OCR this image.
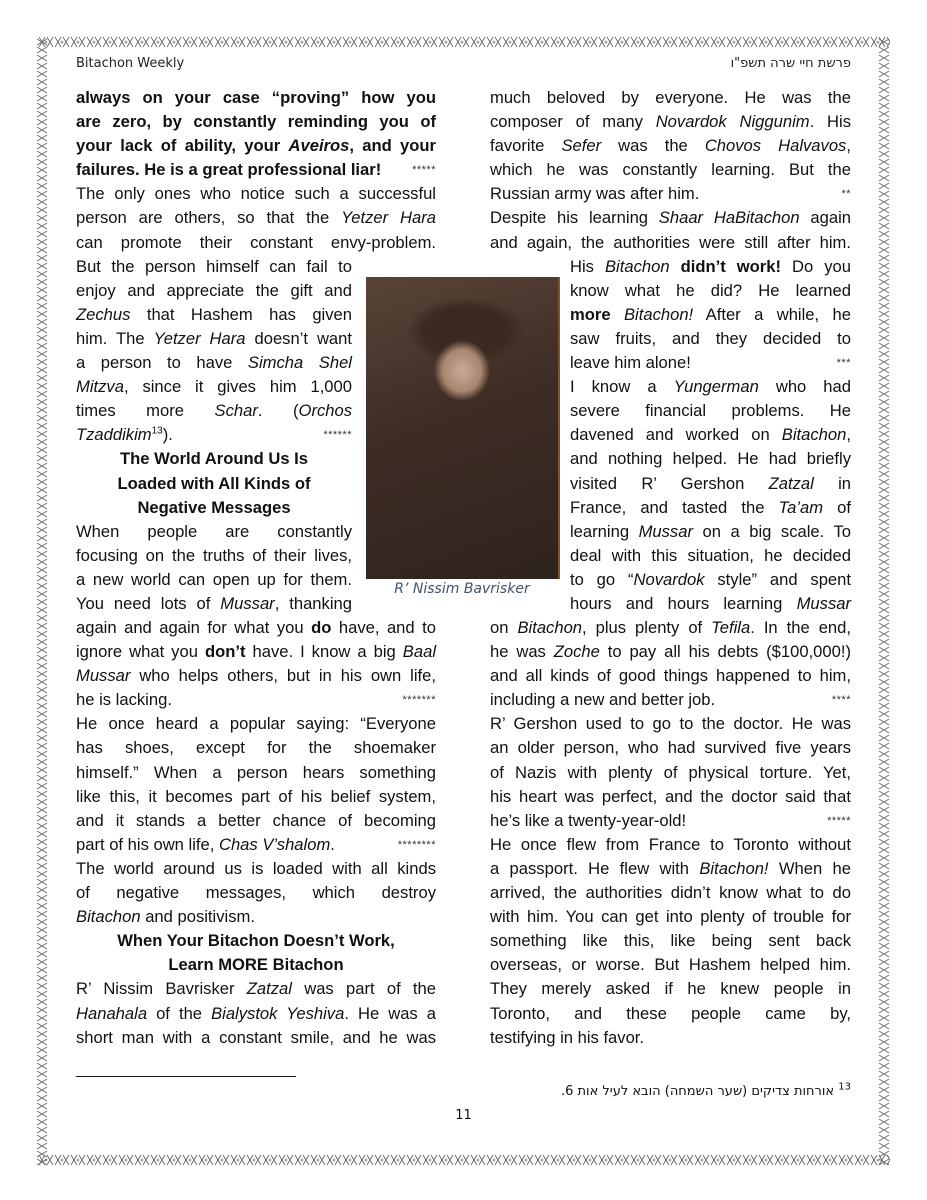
Bitachon Weekly	פרשת חיי שרה תשפ"ו
always on your case “proving” how you
are zero, by constantly reminding you of
your lack of ability, your Aveiros, and your
failures. He is a great professional liar!	*****
The only ones who notice such a successful
person are others, so that the Yetzer Hara
can promote their constant envy-problem.
But the person himself can fail to
enjoy and appreciate the gift and
Zechus that Hashem has given
him. The Yetzer Hara doesn’t want
a person to have Simcha Shel
Mitzva, since it gives him 1,000
times more Schar. (Orchos
Tzaddikim$^{13}$).	******
The World Around Us Is
Loaded with All Kinds of
Negative Messages
When people are constantly
focusing on the truths of their lives,
a new world can open up for them.
You need lots of Mussar, thanking
again and again for what you do have, and to
ignore what you don’t have. I know a big Baal
Mussar who helps others, but in his own life,
he is lacking.	*******
He once heard a popular saying: “Everyone
has shoes, except for the shoemaker
himself.” When a person hears something
like this, it becomes part of his belief system,
and it stands a better chance of becoming
part of his own life, Chas V’shalom.	********
The world around us is loaded with all kinds
of negative messages, which destroy
Bitachon and positivism.
When Your Bitachon Doesn’t Work,
Learn MORE Bitachon
R’ Nissim Bavrisker Zatzal was part of the
Hanahala of the Bialystok Yeshiva. He was a
short man with a constant smile, and he was
R’ Nissim Bavrisker
much beloved by everyone. He was the
composer of many Novardok Niggunim. His
favorite Sefer was the Chovos Halvavos,
which he was constantly learning. But the
Russian army was after him.	**
Despite his learning Shaar HaBitachon again
and again, the authorities were still after him.
His Bitachon didn’t work! Do you
know what he did? He learned
more Bitachon! After a while, he
saw fruits, and they decided to
leave him alone!	***
I know a Yungerman who had
severe financial problems. He
davened and worked on Bitachon,
and nothing helped. He had briefly
visited R’ Gershon Zatzal in
France, and tasted the Ta’am of
learning Mussar on a big scale. To
deal with this situation, he decided
to go “Novardok style” and spent
hours and hours learning Mussar
on Bitachon, plus plenty of Tefila. In the end,
he was Zoche to pay all his debts ($100,000!)
and all kinds of good things happened to him,
including a new and better job.	****
R’ Gershon used to go to the doctor. He was
an older person, who had survived five years
of Nazis with plenty of physical torture. Yet,
his heart was perfect, and the doctor said that
he’s like a twenty-year-old!	*****
He once flew from France to Toronto without
a passport. He flew with Bitachon! When he
arrived, the authorities didn’t know what to do
with him. You can get into plenty of trouble for
something like this, like being sent back
overseas, or worse. But Hashem helped him.
They merely asked if he knew people in
Toronto, and these people came by,
testifying in his favor.
$^{13}$ אורחות צדיקים (שער השמחה) הובא לעיל אות 6.
11
